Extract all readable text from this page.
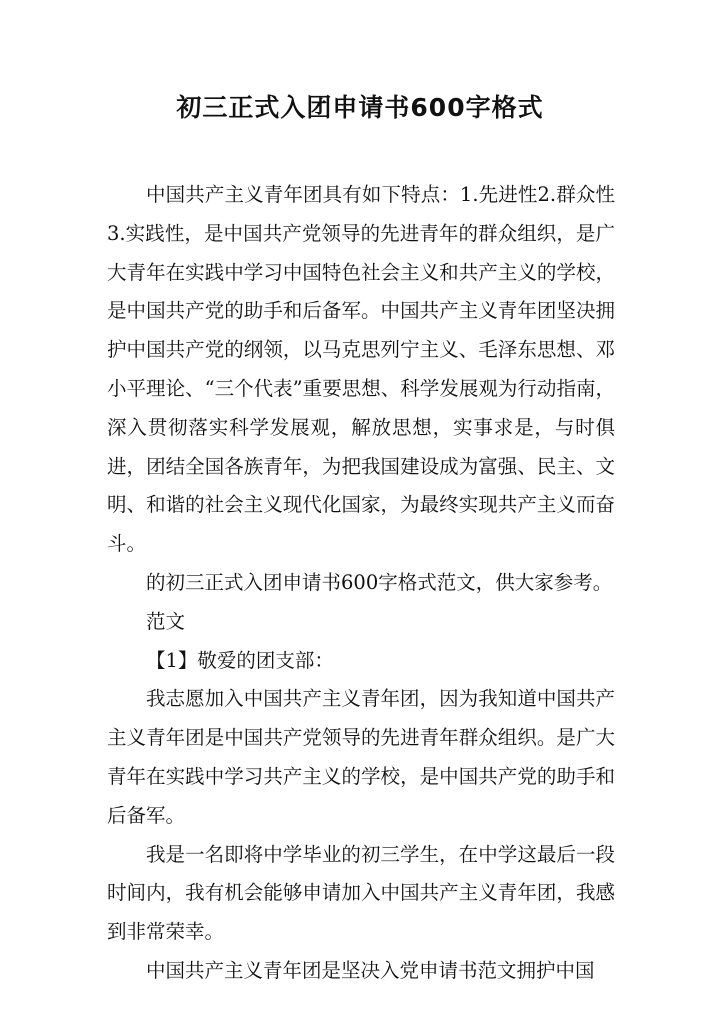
初三正式入团申请书600字格式

中国共产主义青年团具有如下特点：1.先进性2.群众性3.实践性，是中国共产党领导的先进青年的群众组织，是广大青年在实践中学习中国特色社会主义和共产主义的学校，是中国共产党的助手和后备军。中国共产主义青年团坚决拥护中国共产党的纲领，以马克思列宁主义、毛泽东思想、邓小平理论、“三个代表”重要思想、科学发展观为行动指南，深入贯彻落实科学发展观，解放思想，实事求是，与时俱进，团结全国各族青年，为把我国建设成为富强、民主、文明、和谐的社会主义现代化国家，为最终实现共产主义而奋斗。

的初三正式入团申请书600字格式范文，供大家参考。

范文

【1】敬爱的团支部：

我志愿加入中国共产主义青年团，因为我知道中国共产主义青年团是中国共产党领导的先进青年群众组织。是广大青年在实践中学习共产主义的学校，是中国共产党的助手和后备军。

我是一名即将中学毕业的初三学生，在中学这最后一段时间内，我有机会能够申请加入中国共产主义青年团，我感到非常荣幸。

中国共产主义青年团是坚决入党申请书范文拥护中国
